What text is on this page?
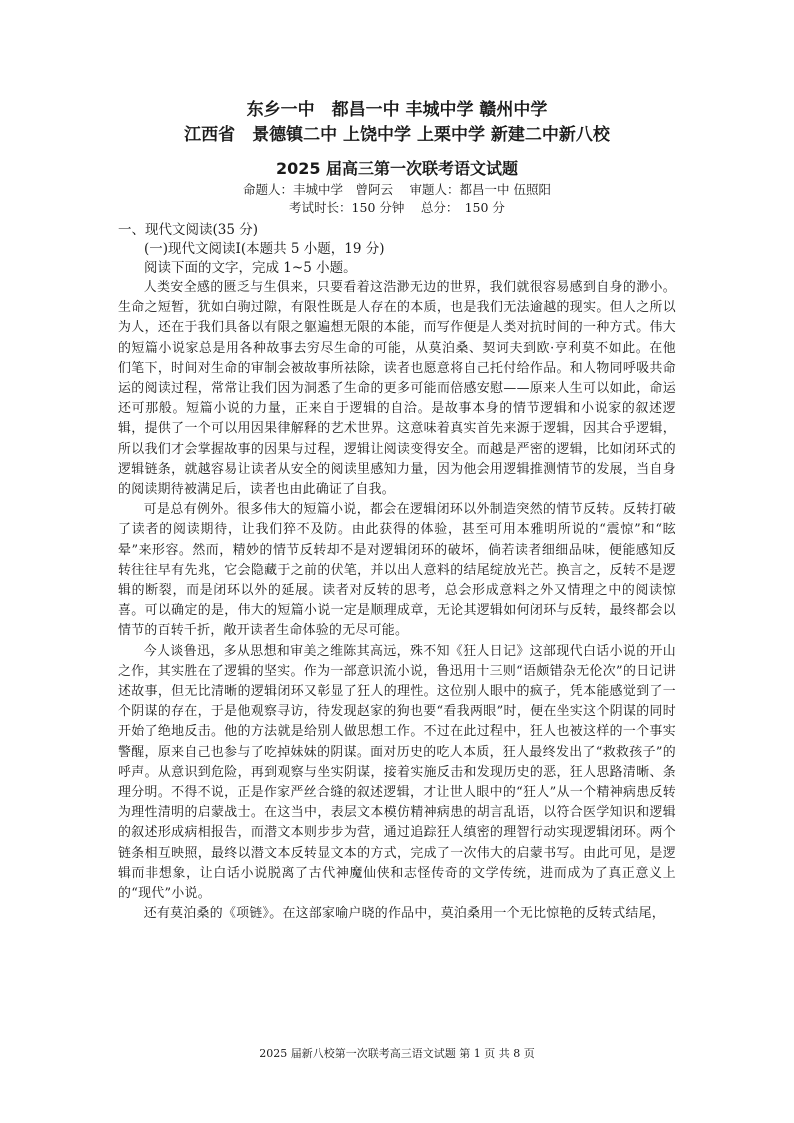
东乡一中　都昌一中 丰城中学 赣州中学
江西省　景德镇二中 上饶中学 上栗中学 新建二中新八校
2025 届高三第一次联考语文试题
命题人：丰城中学　曾阿云　 审题人：都昌一中 伍照阳
考试时长：150 分钟　 总分：　150 分
一、现代文阅读(35 分)
(一)现代文阅读Ⅰ(本题共 5 小题，19 分)
阅读下面的文字，完成 1~5 小题。

人类安全感的匮乏与生俱来，只要看着这浩渺无边的世界，我们就很容易感到自身的渺小。生命之短暂，犹如白驹过隙，有限性既是人存在的本质，也是我们无法逾越的现实。但人之所以为人，还在于我们具备以有限之躯遍想无限的本能，而写作便是人类对抗时间的一种方式。伟大的短篇小说家总是用各种故事去穷尽生命的可能，从莫泊桑、契诃夫到欧·亨利莫不如此。在他们笔下，时间对生命的审制会被故事所祛除，读者也愿意将自己托付给作品。和人物同呼吸共命运的阅读过程，常常让我们因为洞悉了生命的更多可能而倍感安慰——原来人生可以如此，命运还可那般。短篇小说的力量，正来自于逻辑的自洽。是故事本身的情节逻辑和小说家的叙述逻辑，提供了一个可以用因果律解释的艺术世界。这意味着真实首先来源于逻辑，因其合乎逻辑，所以我们才会掌握故事的因果与过程，逻辑让阅读变得安全。而越是严密的逻辑，比如闭环式的逻辑链条，就越容易让读者从安全的阅读里感知力量，因为他会用逻辑推测情节的发展，当自身的阅读期待被满足后，读者也由此确证了自我。

可是总有例外。很多伟大的短篇小说，都会在逻辑闭环以外制造突然的情节反转。反转打破了读者的阅读期待，让我们猝不及防。由此获得的体验，甚至可用本雅明所说的“震惊”和“眩晕”来形容。然而，精妙的情节反转却不是对逻辑闭环的破坏，倘若读者细细品味，便能感知反转往往早有先兆，它会隐藏于之前的伏笔，并以出人意料的结尾绽放光芒。换言之，反转不是逻辑的断裂，而是闭环以外的延展。读者对反转的思考，总会形成意料之外又情理之中的阅读惊喜。可以确定的是，伟大的短篇小说一定是顺理成章，无论其逻辑如何闭环与反转，最终都会以情节的百转千折，敞开读者生命体验的无尽可能。

今人谈鲁迅，多从思想和审美之维陈其高远，殊不知《狂人日记》这部现代白话小说的开山之作，其实胜在了逻辑的坚实。作为一部意识流小说，鲁迅用十三则“语颇错杂无伦次”的日记讲述故事，但无比清晰的逻辑闭环又彰显了狂人的理性。这位别人眼中的疯子，凭本能感觉到了一个阴谋的存在，于是他观察寻访，待发现赵家的狗也要“看我两眼”时，便在坐实这个阴谋的同时开始了绝地反击。他的方法就是给别人做思想工作。不过在此过程中，狂人也被这样的一个事实警醒，原来自己也参与了吃掉妹妹的阴谋。面对历史的吃人本质，狂人最终发出了“救救孩子”的呼声。从意识到危险，再到观察与坐实阴谋，接着实施反击和发现历史的恶，狂人思路清晰、条理分明。不得不说，正是作家严丝合缝的叙述逻辑，才让世人眼中的“狂人”从一个精神病患反转为理性清明的启蒙战士。在这当中，表层文本模仿精神病患的胡言乱语，以符合医学知识和逻辑的叙述形成病相报告，而潜文本则步步为营，通过追踪狂人缜密的理智行动实现逻辑闭环。两个链条相互映照，最终以潜文本反转显文本的方式，完成了一次伟大的启蒙书写。由此可见，是逻辑而非想象，让白话小说脱离了古代神魔仙侠和志怪传奇的文学传统，进而成为了真正意义上的“现代”小说。

还有莫泊桑的《项链》。在这部家喻户晓的作品中，莫泊桑用一个无比惊艳的反转式结尾，

2025 届新八校第一次联考高三语文试题 第 1 页 共 8 页
